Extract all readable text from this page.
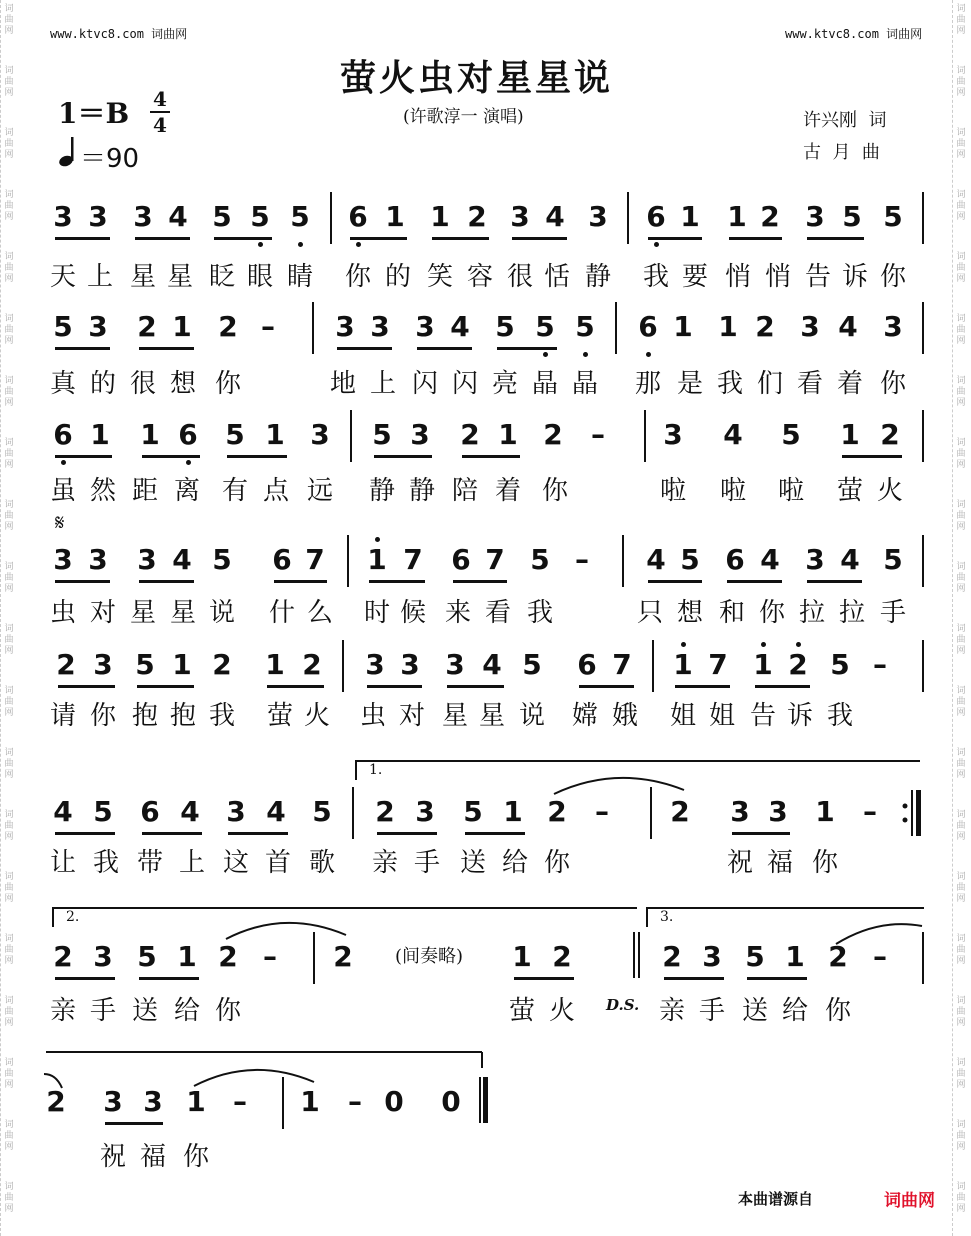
www.ktvc8.com 词曲网	www.ktvc8.com 词曲网
萤火虫对星星说
(许歌淳一 演唱)
1＝B 4
4
＝90
许兴刚  词
古  月  曲
3 3 3 4 5 5 5 6 1 1 2 3 4 3 6 1 1 2 3 5 5
天 上 星 星 眨 眼 睛 你 的 笑 容 很 恬 静 我 要 悄 悄 告 诉 你
5 3 2 1 2 – 3 3 3 4 5 5 5 6 1 1 2 3 4 3
真 的 很 想 你	地 上 闪 闪 亮 晶 晶 那 是 我 们 看 着 你
6 1 1 6 5 1 3 5 3 2 1 2 – 3 4 5 1 2
虽 然 距 离 有 点 远 静 静 陪 着 你	啦 啦 啦 萤 火
3 3 3 4 5 6 7 1 7 6 7 5 – 4 5 6 4 3 4 5
虫 对 星 星 说 什 么 时 候 来 看 我	只 想 和 你 拉 拉 手
𝄋
2 3 5 1 2 1 2 3 3 3 4 5 6 7 1 7 1 2 5 –
请 你 抱 抱 我 萤 火 虫 对 星 星 说 嫦 娥 姐 姐 告 诉 我
4 5 6 4 3 4 5 2 3 5 1 2 – 2 3 3 1 –
让 我 带 上 这 首 歌 亲 手 送 给 你	祝 福 你
1.
2 3 5 1 2 – 2	1 2	2 3 5 1 2 –
亲 手 送 给 你	萤 火	亲 手 送 给 你
2.	3.
(间奏略)
D.S.
2 3 3 1 – 1 – 0 0
祝 福 你
本曲谱源自	词曲网
词
曲
网
词
曲
网
词
曲
网
词
曲
网
词
曲
网
词
曲
网
词
曲
网
词
曲
网
词
曲
网
词
曲
网
词
曲
网
词
曲
网
词
曲
网
词
曲
网
词
曲
网
词
曲
网
词
曲
网
词
曲
网
词
曲
网
词
曲
网
词
曲
网
词
曲
网
词
曲
网
词
曲
网
词
曲
网
词
曲
网
词
曲
网
词
曲
网
词
曲
网
词
曲
网
词
曲
网
词
曲
网
词
曲
网
词
曲
网
词
曲
网
词
曲
网
词
曲
网
词
曲
网
词
曲
网
词
曲
网
